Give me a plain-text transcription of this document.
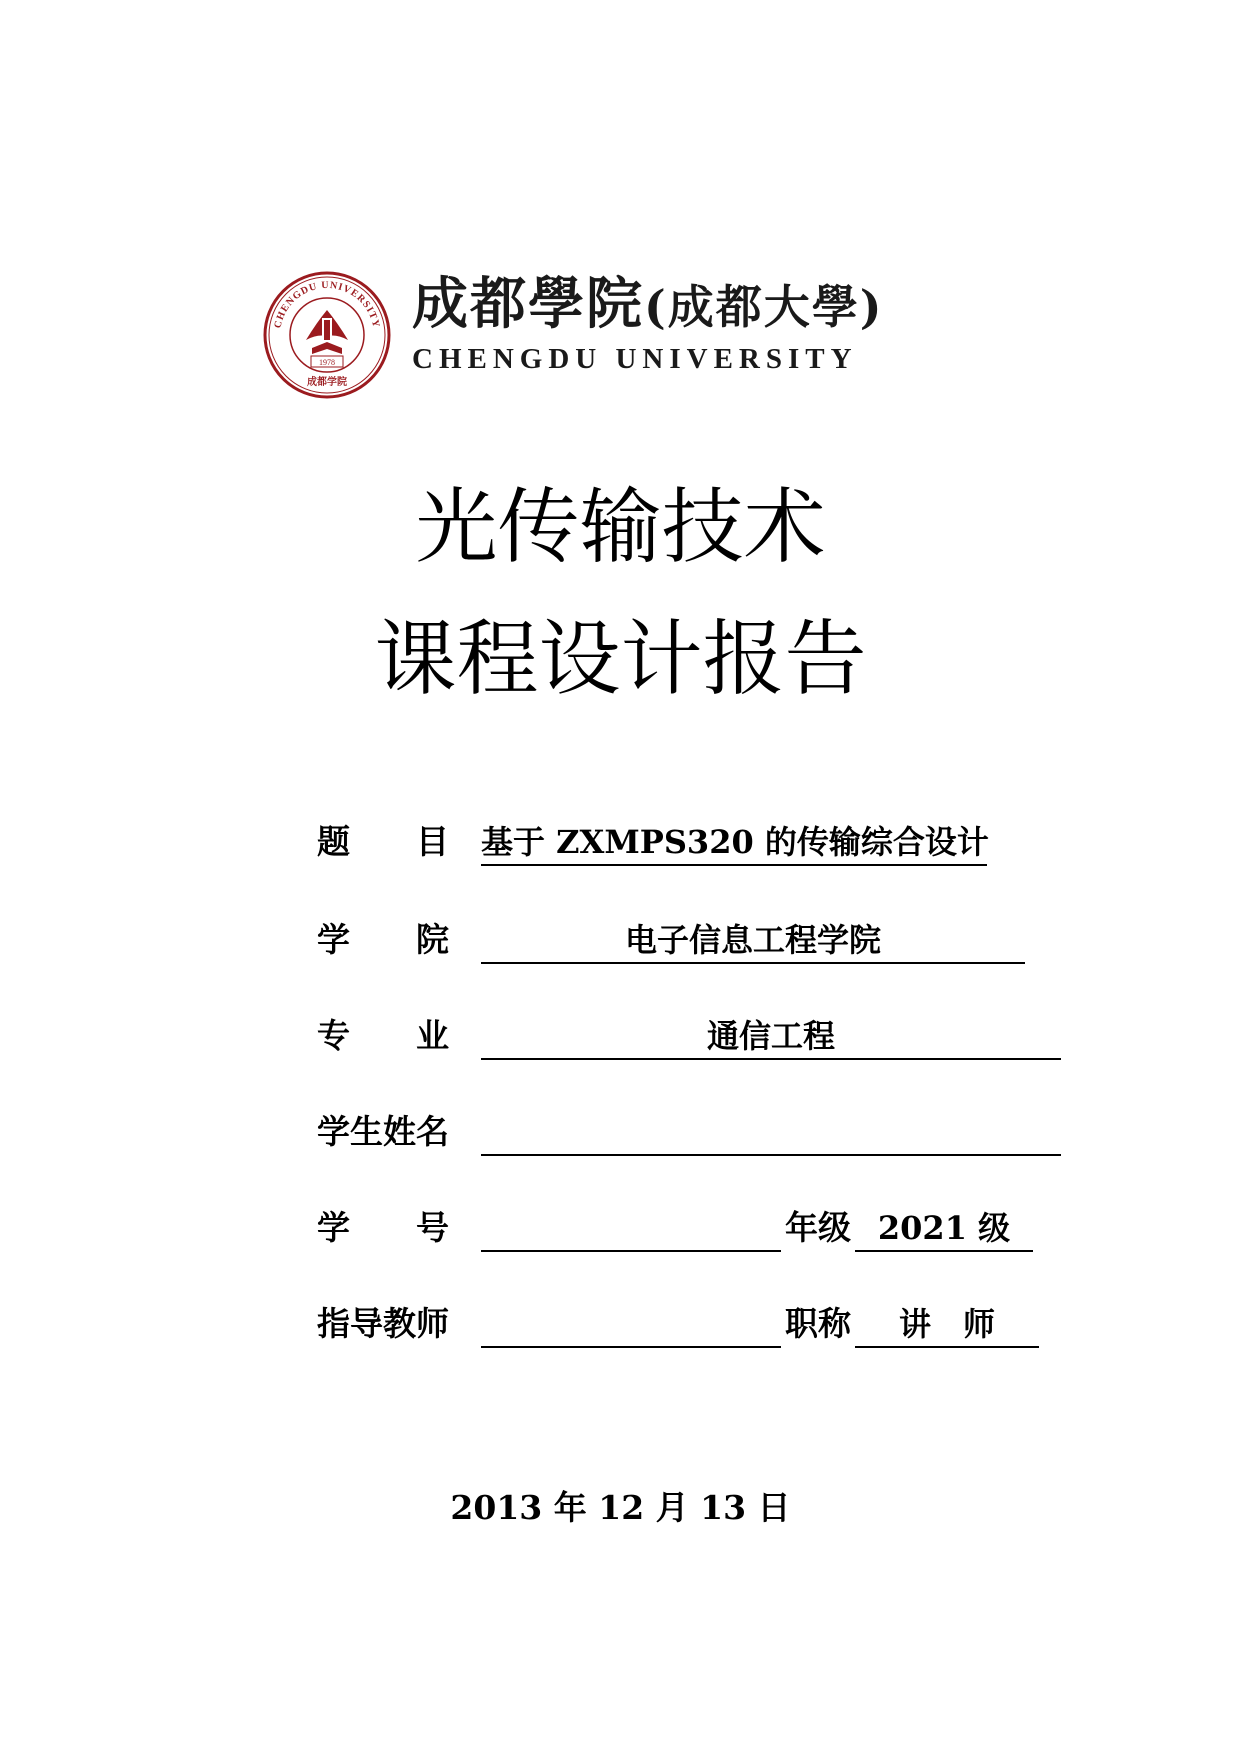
CHENGDU UNIVERSITY
1978
成都学院
成都學院(成都大學)
CHENGDU UNIVERSITY
光传输技术
课程设计报告
题　　目 基于 ZXMPS320 的传输综合设计
学　　院	电子信息工程学院
专　　业	通信工程
学生姓名
学　　号	年级 2021 级
指导教师	职称	讲　师
2013 年 12 月 13 日
